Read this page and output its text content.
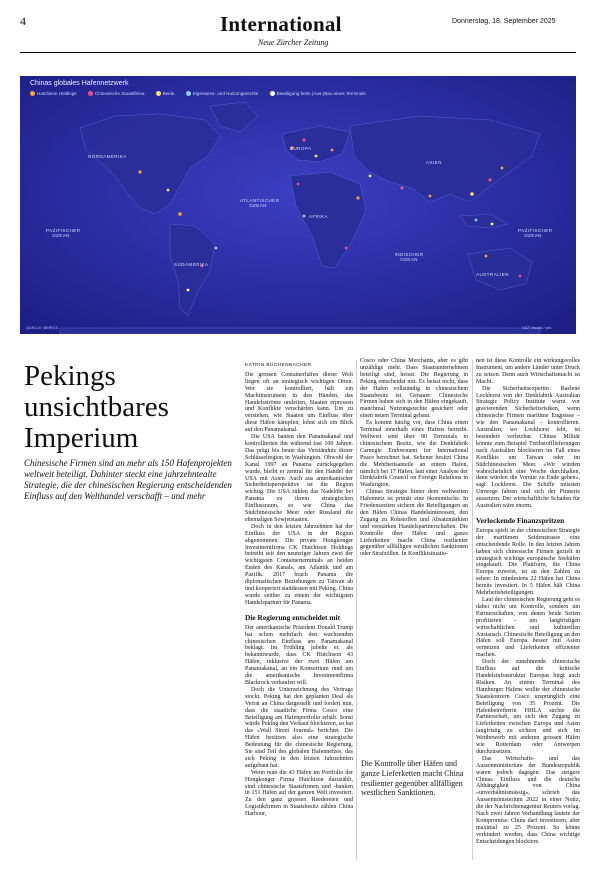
4	International
Neue Zürcher Zeitung
Donnerstag, 18. September 2025
Chinas globales Hafennetzwerk
Hutchison Holdings	Chinesische Staatsfirma	Beide	Eigentums- und Nutzungsrechte	Beteiligung beim (Aus-)Bau eines Terminals
NORDAMERIKA
SÜDAMERIKA
EUROPA
AFRIKA
ASIEN
AUSTRALIEN
PAZIFISCHER OZEAN
ATLANTISCHER OZEAN
INDISCHER OZEAN
PAZIFISCHER OZEAN
QUELLE: MERICS	NZZ Visuals / phr.
Pekings unsichtbares Imperium
Chinesische Firmen sind an mehr als 150 Hafenprojekten weltweit beteiligt. Dahinter steckt eine jahrzehntealte Strategie, die der chinesischen Regierung entscheidenden Einfluss auf den Welthandel verschafft – und mehr
KATRIN BÜCHENBACHER

Die grossen Containerhäfen dieser Welt liegen oft an strategisch wichtigen Orten. Wer sie kontrolliert, hält ein Machtinstrument in den Händen, das Handelsströme umleiten, Staaten erpressen und Konflikte verschärfen kann. Um zu verstehen, wie Staaten um Einfluss über diese Häfen kämpfen, lohnt sich ein Blick auf den Panamakanal.

Die USA bauten den Panamakanal und kontrollierten ihn während fast 100 Jahren. Das prägt bis heute das Verständnis dieser Schlüsselregion in Washington. Obwohl der Kanal 1997 an Panama zurückgegeben wurde, bleibt er zentral für den Handel der USA mit Asien. Auch aus amerikanischer Sicherheitsperspektive ist die Region wichtig. Die USA zählen das Nadelöhr bei Panama zu ihrem strategischen Einflussraum, so wie China das Südchinesische Meer oder Russland die ehemaligen Sowjetstaaten.

Doch in den letzten Jahrzehnten hat der Einfluss der USA in der Region abgenommen. Die private Hongkonger Investmentfirma CK Hutchison Holdings betreibt seit den neunziger Jahren zwei der wichtigsten Containerterminals an beiden Enden des Kanals, am Atlantik und am Pazifik. 2017 brach Panama die diplomatischen Beziehungen zu Taiwan ab und kooperiert stattdessen mit Peking. China wurde seither zu einem der wichtigsten Handelspartner für Panama.

Die Regierung entscheidet mit

Der amerikanische Präsident Donald Trump hat schon mehrfach den wachsenden chinesischen Einfluss am Panamakanal beklagt. Im Frühling jubelte er, als bekanntwurde, dass CK Hutchison 43 Häfen, inklusive der zwei Häfen am Panamakanal, an ein Konsortium rund um die amerikanische Investmentfirma Blackrock verkaufen will.

Doch die Unterzeichnung des Vertrags stockt. Peking hat den geplanten Deal als Verrat an China dargestellt und fordert nun, dass die staatliche Firma Cosco eine Beteiligung am Hafenportfolio erhält. Sonst würde Peking den Verkauf blockieren, so hat das «Wall Street Journal» berichtet. Die Häfen besitzen also eine strategische Bedeutung für die chinesische Regierung. Sie sind Teil des globalen Hafennetzes, das sich Peking in den letzten Jahrzehnten aufgebaut hat.

Wenn man die 43 Häfen im Portfolio der Hongkonger Firma Hutchison dazuzählt, sind chinesische Staatsfirmen und -banken in 151 Häfen auf der ganzen Welt investiert. Zu den ganz grossen Reedereien und Logistikfirmen in Staatsbesitz zählen China Harbour,

Cosco oder China Merchants, aber es gibt unzählige mehr. Dass Staatsunternehmen beteiligt sind, heisst: Die Regierung in Peking entscheidet mit. Es heisst nicht, dass der Hafen vollständig in chinesischem Staatsbesitz ist. Genauer: Chinesische Firmen haben sich in den Häfen eingekauft, manchmal Nutzungsrechte gesichert oder einen neuen Terminal gebaut.

Es kommt häufig vor, dass China einen Terminal innerhalb eines Hafens betreibt. Weltweit sind über 90 Terminals in chinesischem Besitz, wie die Denkfabrik Carnegie Endowment for International Peace berechnet hat. Seltener besitzt China die Mehrheitsanteile an einem Hafen, nämlich bei 17 Häfen, laut einer Analyse der Denkfabrik Council on Foreign Relations in Washington.

Chinas Strategie hinter dem weltweiten Hafennetz ist primär eine ökonomische. In Friedenszeiten sichern die Beteiligungen an den Häfen Chinas Handelsinteressen, den Zugang zu Rohstoffen und Absatzmärkten und verstärken Handelspartnerschaften. Die Kontrolle über Häfen und ganze Lieferketten macht China resilienter gegenüber allfälligen westlichen Sanktionen oder Strafzöllen. In Konfliktsituatio-

Die Kontrolle über Häfen und ganze Lieferketten macht China resilienter gegenüber allfälligen westlichen Sanktionen.

nen ist diese Kontrolle ein wirkungsvolles Instrument, um andere Länder unter Druck zu setzen. Denn auch Wirtschaftsmacht ist Macht.

Die Sicherheitsexpertin Raelene Lockhorst von der Denkfabrik Australian Strategic Policy Institute warnt vor gravierenden Sicherheitsrisiken, wenn chinesische Firmen maritime Engpässe – wie den Panamakanal – kontrollieren. Australien, wo Lockhorst lebt, ist besonders verletzbar. Chinas Militär könnte zum Beispiel Treibstofflieferungen nach Australien blockieren im Fall eines Konflikts um Taiwan oder im Südchinesischen Meer. «Wir würden wahrscheinlich eine Woche durchhalten, dann würden die Vorräte zu Ende gehen», sagt Lockhorst. Die Schiffe müssten Umwege fahren und sich der Piraterie aussetzen. Der wirtschaftliche Schaden für Australien wäre enorm.

Verlockende Finanzspritzen

Europa spielt in der chinesischen Strategie der maritimen Seidenstrasse eine entscheidende Rolle. In den letzten Jahren haben sich chinesische Firmen gezielt in strategisch wichtige europäische Seehäfen eingekauft. Die Plattform, die China Europa zuweist, ist an den Zahlen zu sehen: In mindestens 22 Häfen hat China bereits investiert. In 5 Häfen hält China Mehrheitsbeteiligungen.

Laut der chinesischen Regierung geht es dabei nicht um Kontrolle, sondern um Partnerschaften, von denen beide Seiten profitieren – um langfristigen wirtschaftlichen und kulturellen Austausch. Chinesische Beteiligung an den Häfen soll Europa besser mit Asien vernetzen und Lieferketten effizienter machen.

Doch der zunehmende chinesische Einfluss auf die kritische Handelsinfrastruktur Europas birgt auch Risiken. An einem Terminal des Hamburger Hafens wollte der chinesische Staatskonzern Cosco ursprünglich eine Beteiligung von 35 Prozent. Die Hafenbetreiberin HHLA suchte die Partnerschaft, um sich den Zugang zu Lieferketten zwischen Europa und Asien langfristig zu sichern und sich im Wettbewerb mit anderen grossen Häfen wie Rotterdam oder Antwerpen durchzusetzen.

Das Wirtschafts- und das Aussenministerium der Bundesrepublik waren jedoch dagegen. Das steigere Chinas Einfluss und die deutsche Abhängigkeit von China «unverhältnismässig», schrieb das Aussenministerium 2022 in einer Notiz, die der Nachrichtenagentur Reuters vorlag. Nach zwei Jahren Verhandlung lautete der Kompromiss: China darf investieren, aber maximal zu 25 Prozent. So könne verhindert werden, dass China wichtige Entscheidungen blockiere.
